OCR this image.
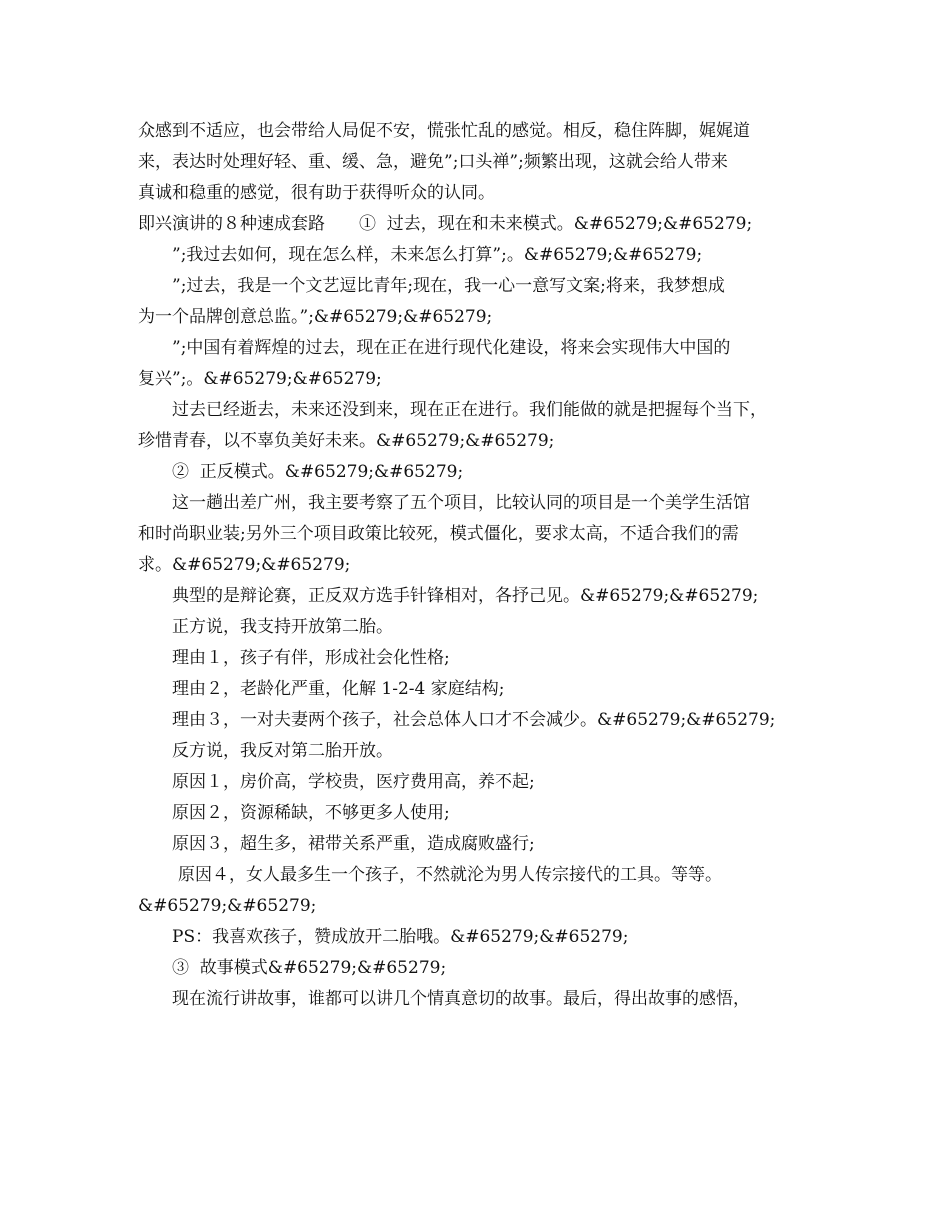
众感到不适应，也会带给人局促不安，慌张忙乱的感觉。相反，稳住阵脚，娓娓道
来，表达时处理好轻、重、缓、急，避免”;口头禅”;频繁出现，这就会给人带来
真诚和稳重的感觉，很有助于获得听众的认同。
即兴演讲的８种速成套路　　①  过去，现在和未来模式。&#65279;&#65279;
”;我过去如何，现在怎么样，未来怎么打算”;。&#65279;&#65279;
”;过去，我是一个文艺逗比青年;现在，我一心一意写文案;将来，我梦想成
为一个品牌创意总监。”;&#65279;&#65279;
”;中国有着辉煌的过去，现在正在进行现代化建设，将来会实现伟大中国的
复兴”;。&#65279;&#65279;
过去已经逝去，未来还没到来，现在正在进行。我们能做的就是把握每个当下，
珍惜青春，以不辜负美好未来。&#65279;&#65279;
②  正反模式。&#65279;&#65279;
这一趟出差广州，我主要考察了五个项目，比较认同的项目是一个美学生活馆
和时尚职业装;另外三个项目政策比较死，模式僵化，要求太高，不适合我们的需
求。&#65279;&#65279;
典型的是辩论赛，正反双方选手针锋相对，各抒己见。&#65279;&#65279;
正方说，我支持开放第二胎。
理由１，孩子有伴，形成社会化性格;
理由２，老龄化严重，化解 1-2-4 家庭结构;
理由３，一对夫妻两个孩子，社会总体人口才不会减少。&#65279;&#65279;
反方说，我反对第二胎开放。
原因１，房价高，学校贵，医疗费用高，养不起;
原因２，资源稀缺，不够更多人使用;
原因３，超生多，裙带关系严重，造成腐败盛行;
原因４，女人最多生一个孩子，不然就沦为男人传宗接代的工具。等等。
&#65279;&#65279;
PS：我喜欢孩子，赞成放开二胎哦。&#65279;&#65279;
③  故事模式&#65279;&#65279;
现在流行讲故事，谁都可以讲几个情真意切的故事。最后，得出故事的感悟，
